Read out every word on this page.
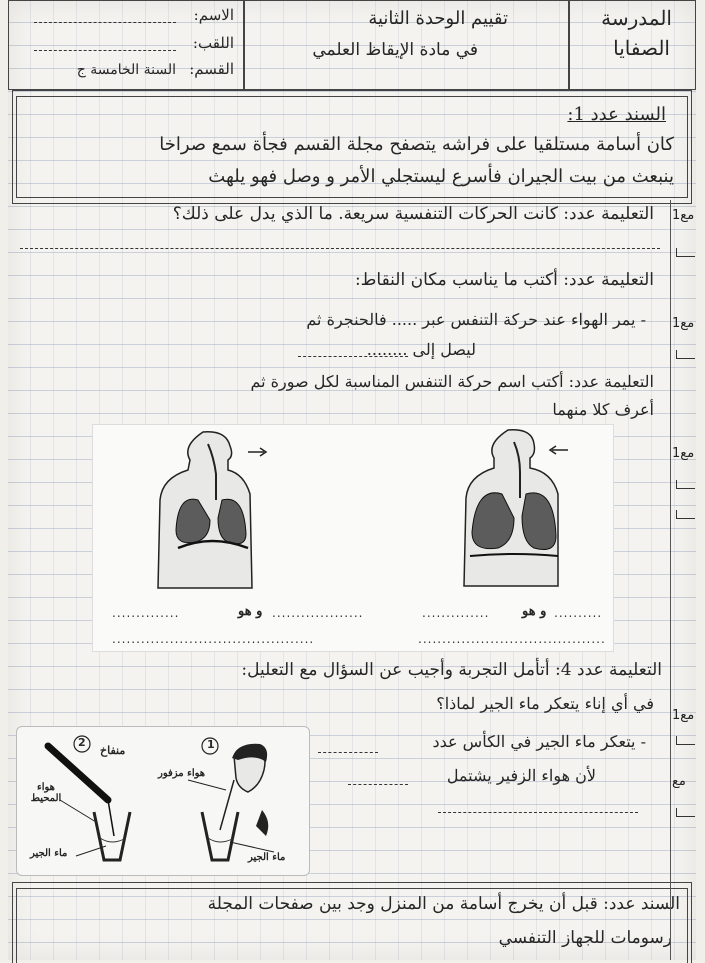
المدرسة
الصفايا
تقييم الوحدة الثانية
في مادة الإيقاظ العلمي
الاسم:
اللقب:
القسم:
السنة الخامسة ج
السند عدد 1:
كان أسامة مستلقيا على فراشه يتصفح مجلة القسم فجأة سمع صراخا
ينبعث من بيت الجيران فأسرع ليستجلي الأمر و وصل فهو يلهث
التعليمة عدد: كانت الحركات التنفسية سريعة. ما الذي يدل على ذلك؟ مع1
التعليمة عدد: أكتب ما يناسب مكان النقاط:
- يمر الهواء عند حركة التنفس عبر ..... فالحنجرة ثم مع1
ليصل إلى ........
التعليمة عدد: أكتب اسم حركة التنفس المناسبة لكل صورة ثم
أعرف كلا منهما
مع1
..............	و هو ...................
..........................................
..............	و هو ..........
.......................................
التعليمة عدد 4: أتأمل التجربة وأجيب عن السؤال مع التعليل:
في أي إناء يتعكر ماء الجير لماذا؟
مع1
- يتعكر ماء الجير في الكأس عدد
لأن هواء الزفير يشتمل	مع
2	1
منفاخ
هواء المحيط
ماء الجير
هواء مزفور
ماء الجير
السند عدد: قبل أن يخرج أسامة من المنزل وجد بين صفحات المجلة
رسومات للجهاز التنفسي
